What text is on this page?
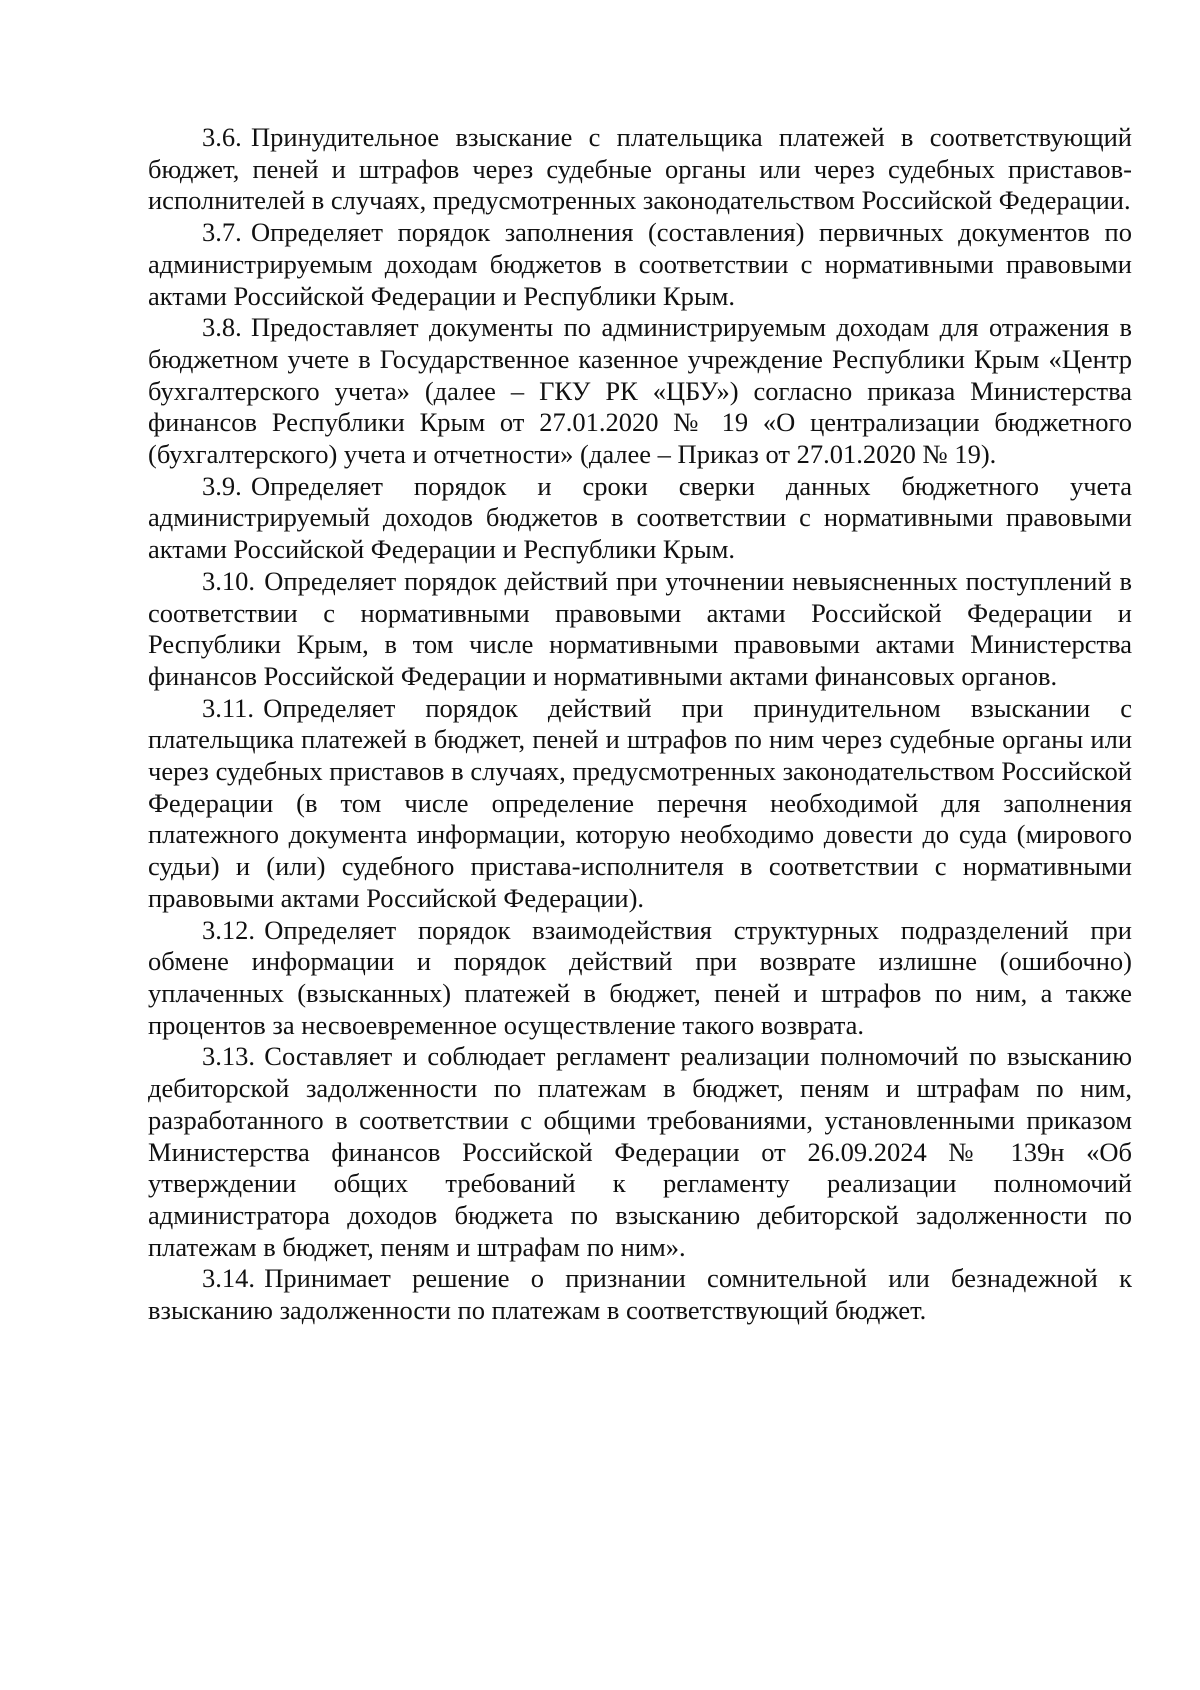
3.6. Принудительное взыскание с плательщика платежей в соответствующий бюджет, пеней и штрафов через судебные органы или через судебных приставов-исполнителей в случаях, предусмотренных законодательством Российской Федерации.

3.7. Определяет порядок заполнения (составления) первичных документов по администрируемым доходам бюджетов в соответствии с нормативными правовыми актами Российской Федерации и Республики Крым.

3.8. Предоставляет документы по администрируемым доходам для отражения в бюджетном учете в Государственное казенное учреждение Республики Крым «Центр бухгалтерского учета» (далее – ГКУ РК «ЦБУ») согласно приказа Министерства финансов Республики Крым от 27.01.2020 № 19 «О централизации бюджетного (бухгалтерского) учета и отчетности» (далее – Приказ от 27.01.2020 № 19).

3.9. Определяет порядок и сроки сверки данных бюджетного учета администрируемый доходов бюджетов в соответствии с нормативными правовыми актами Российской Федерации и Республики Крым.

3.10. Определяет порядок действий при уточнении невыясненных поступлений в соответствии с нормативными правовыми актами Российской Федерации и Республики Крым, в том числе нормативными правовыми актами Министерства финансов Российской Федерации и нормативными актами финансовых органов.

3.11. Определяет порядок действий при принудительном взыскании с плательщика платежей в бюджет, пеней и штрафов по ним через судебные органы или через судебных приставов в случаях, предусмотренных законодательством Российской Федерации (в том числе определение перечня необходимой для заполнения платежного документа информации, которую необходимо довести до суда (мирового судьи) и (или) судебного пристава-исполнителя в соответствии с нормативными правовыми актами Российской Федерации).

3.12. Определяет порядок взаимодействия структурных подразделений при обмене информации и порядок действий при возврате излишне (ошибочно) уплаченных (взысканных) платежей в бюджет, пеней и штрафов по ним, а также процентов за несвоевременное осуществление такого возврата.

3.13. Составляет и соблюдает регламент реализации полномочий по взысканию дебиторской задолженности по платежам в бюджет, пеням и штрафам по ним, разработанного в соответствии с общими требованиями, установленными приказом Министерства финансов Российской Федерации от 26.09.2024 № 139н «Об утверждении общих требований к регламенту реализации полномочий администратора доходов бюджета по взысканию дебиторской задолженности по платежам в бюджет, пеням и штрафам по ним».

3.14. Принимает решение о признании сомнительной или безнадежной к взысканию задолженности по платежам в соответствующий бюджет.
